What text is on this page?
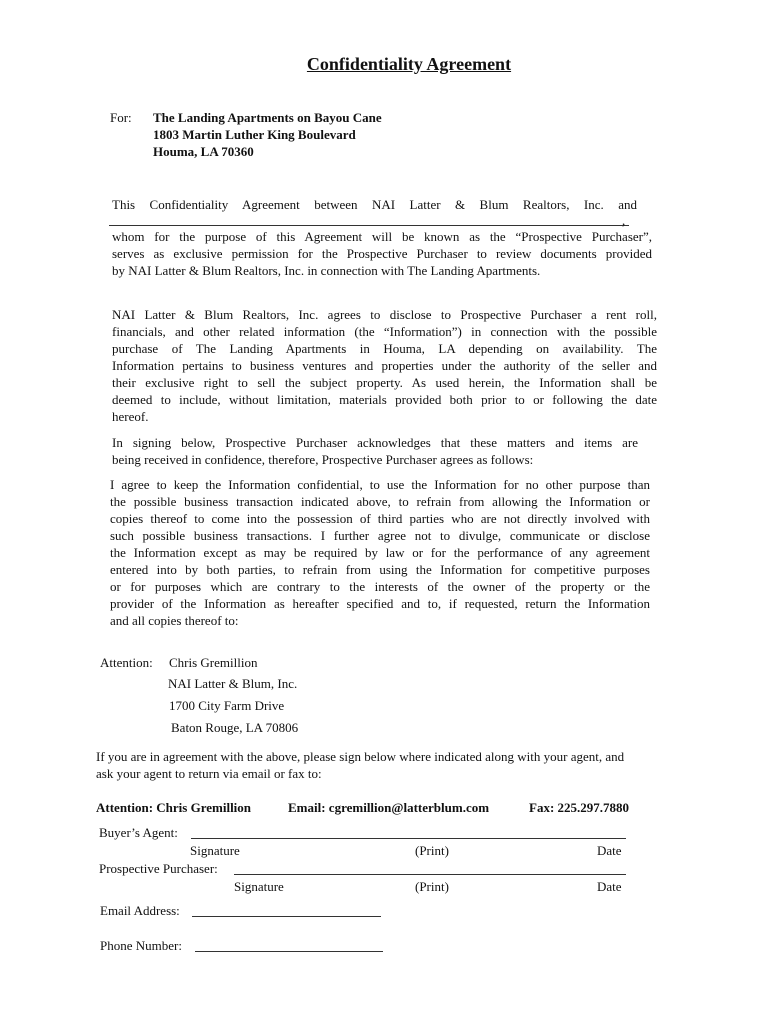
Confidentiality Agreement
For: The Landing Apartments on Bayou Cane
1803 Martin Luther King Boulevard
Houma, LA 70360
This Confidentiality Agreement between NAI Latter & Blum Realtors, Inc. and
,
whom for the purpose of this Agreement will be known as the “Prospective Purchaser”,
serves as exclusive permission for the Prospective Purchaser to review documents provided
by NAI Latter & Blum Realtors, Inc. in connection with The Landing Apartments.
NAI Latter & Blum Realtors, Inc. agrees to disclose to Prospective Purchaser a rent roll,
financials, and other related information (the “Information”) in connection with the possible
purchase of The Landing Apartments in Houma, LA depending on availability. The
Information pertains to business ventures and properties under the authority of the seller and
their exclusive right to sell the subject property. As used herein, the Information shall be
deemed to include, without limitation, materials provided both prior to or following the date
hereof.
In signing below, Prospective Purchaser acknowledges that these matters and items are
being received in confidence, therefore, Prospective Purchaser agrees as follows:
I agree to keep the Information confidential, to use the Information for no other purpose than
the possible business transaction indicated above, to refrain from allowing the Information or
copies thereof to come into the possession of third parties who are not directly involved with
such possible business transactions. I further agree not to divulge, communicate or disclose
the Information except as may be required by law or for the performance of any agreement
entered into by both parties, to refrain from using the Information for competitive purposes
or for purposes which are contrary to the interests of the owner of the property or the
provider of the Information as hereafter specified and to, if requested, return the Information
and all copies thereof to:
Attention: Chris Gremillion
NAI Latter & Blum, Inc.
1700 City Farm Drive
Baton Rouge, LA 70806
If you are in agreement with the above, please sign below where indicated along with your agent, and
ask your agent to return via email or fax to:
Attention: Chris Gremillion	Email: cgremillion@latterblum.com	Fax: 225.297.7880
Buyer’s Agent:
Signature	(Print)	Date
Prospective Purchaser:
Signature	(Print)	Date
Email Address:
Phone Number:
